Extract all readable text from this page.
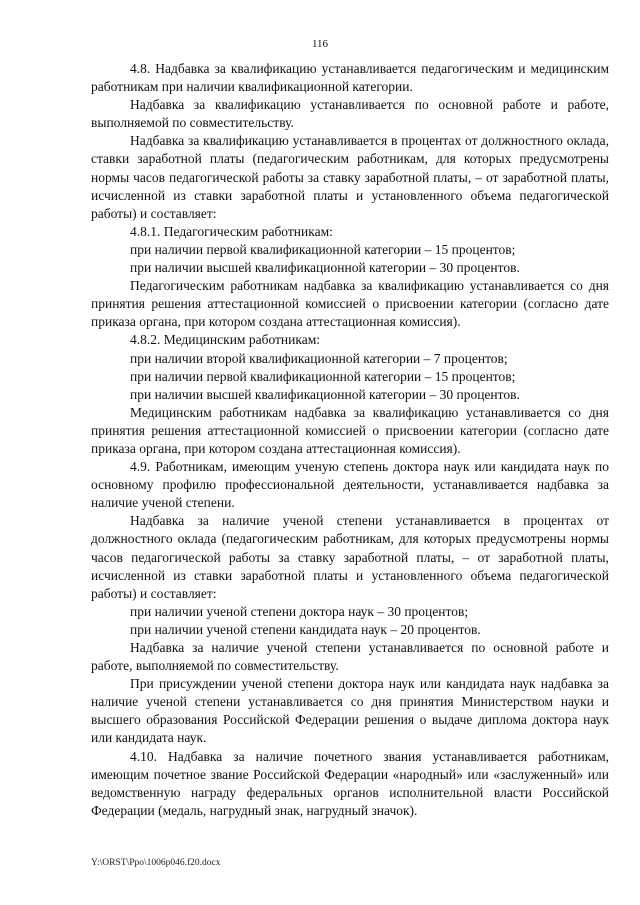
116

4.8. Надбавка за квалификацию устанавливается педагогическим и медицинским работникам при наличии квалификационной категории.

Надбавка за квалификацию устанавливается по основной работе и работе, выполняемой по совместительству.

Надбавка за квалификацию устанавливается в процентах от должностного оклада, ставки заработной платы (педагогическим работникам, для которых предусмотрены нормы часов педагогической работы за ставку заработной платы, – от заработной платы, исчисленной из ставки заработной платы и установленного объема педагогической работы) и составляет:

4.8.1. Педагогическим работникам:

при наличии первой квалификационной категории – 15 процентов;

при наличии высшей квалификационной категории – 30 процентов.

Педагогическим работникам надбавка за квалификацию устанавливается со дня принятия решения аттестационной комиссией о присвоении категории (согласно дате приказа органа, при котором создана аттестационная комиссия).

4.8.2. Медицинским работникам:

при наличии второй квалификационной категории – 7 процентов;

при наличии первой квалификационной категории – 15 процентов;

при наличии высшей квалификационной категории – 30 процентов.

Медицинским работникам надбавка за квалификацию устанавливается со дня принятия решения аттестационной комиссией о присвоении категории (согласно дате приказа органа, при котором создана аттестационная комиссия).

4.9. Работникам, имеющим ученую степень доктора наук или кандидата наук по основному профилю профессиональной деятельности, устанавливается надбавка за наличие ученой степени.

Надбавка за наличие ученой степени устанавливается в процентах от должностного оклада (педагогическим работникам, для которых предусмотрены нормы часов педагогической работы за ставку заработной платы, – от заработной платы, исчисленной из ставки заработной платы и установленного объема педагогической работы) и составляет:

при наличии ученой степени доктора наук – 30 процентов;

при наличии ученой степени кандидата наук – 20 процентов.

Надбавка за наличие ученой степени устанавливается по основной работе и работе, выполняемой по совместительству.

При присуждении ученой степени доктора наук или кандидата наук надбавка за наличие ученой степени устанавливается со дня принятия Министерством науки и высшего образования Российской Федерации решения о выдаче диплома доктора наук или кандидата наук.

4.10. Надбавка за наличие почетного звания устанавливается работникам, имеющим почетное звание Российской Федерации «народный» или «заслуженный» или ведомственную награду федеральных органов исполнительной власти Российской Федерации (медаль, нагрудный знак, нагрудный значок).

Y:\ORST\Ppo\1006p046.f20.docx
